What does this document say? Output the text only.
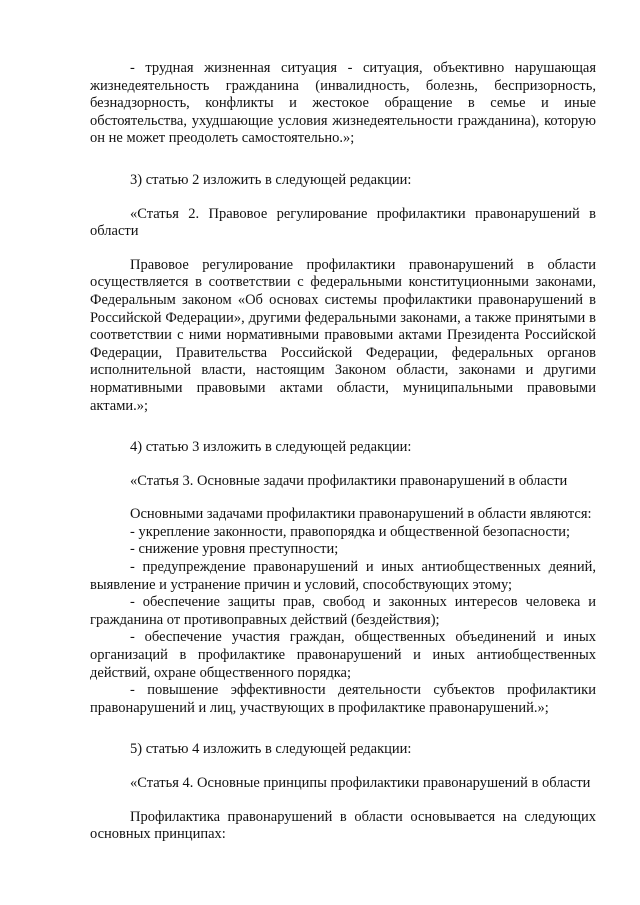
- трудная жизненная ситуация - ситуация, объективно нарушающая жизнедеятельность гражданина (инвалидность, болезнь, беспризорность, безнадзорность, конфликты и жестокое обращение в семье и иные обстоятельства, ухудшающие условия жизнедеятельности гражданина), которую он не может преодолеть самостоятельно.»;

3) статью 2 изложить в следующей редакции:

«Статья 2. Правовое регулирование профилактики правонарушений в области

Правовое регулирование профилактики правонарушений в области осуществляется в соответствии с федеральными конституционными законами, Федеральным законом «Об основах системы профилактики правонарушений в Российской Федерации», другими федеральными законами, а также принятыми в соответствии с ними нормативными правовыми актами Президента Российской Федерации, Правительства Российской Федерации, федеральных органов исполнительной власти, настоящим Законом области, законами и другими нормативными правовыми актами области, муниципальными правовыми актами.»;

4) статью 3 изложить в следующей редакции:

«Статья 3. Основные задачи профилактики правонарушений в области

Основными задачами профилактики правонарушений в области являются:

- укрепление законности, правопорядка и общественной безопасности;

- снижение уровня преступности;

- предупреждение правонарушений и иных антиобщественных деяний, выявление и устранение причин и условий, способствующих этому;

- обеспечение защиты прав, свобод и законных интересов человека и гражданина от противоправных действий (бездействия);

- обеспечение участия граждан, общественных объединений и иных организаций в профилактике правонарушений и иных антиобщественных действий, охране общественного порядка;

- повышение эффективности деятельности субъектов профилактики правонарушений и лиц, участвующих в профилактике правонарушений.»;

5) статью 4 изложить в следующей редакции:

«Статья 4. Основные принципы профилактики правонарушений в области

Профилактика правонарушений в области основывается на следующих основных принципах:
